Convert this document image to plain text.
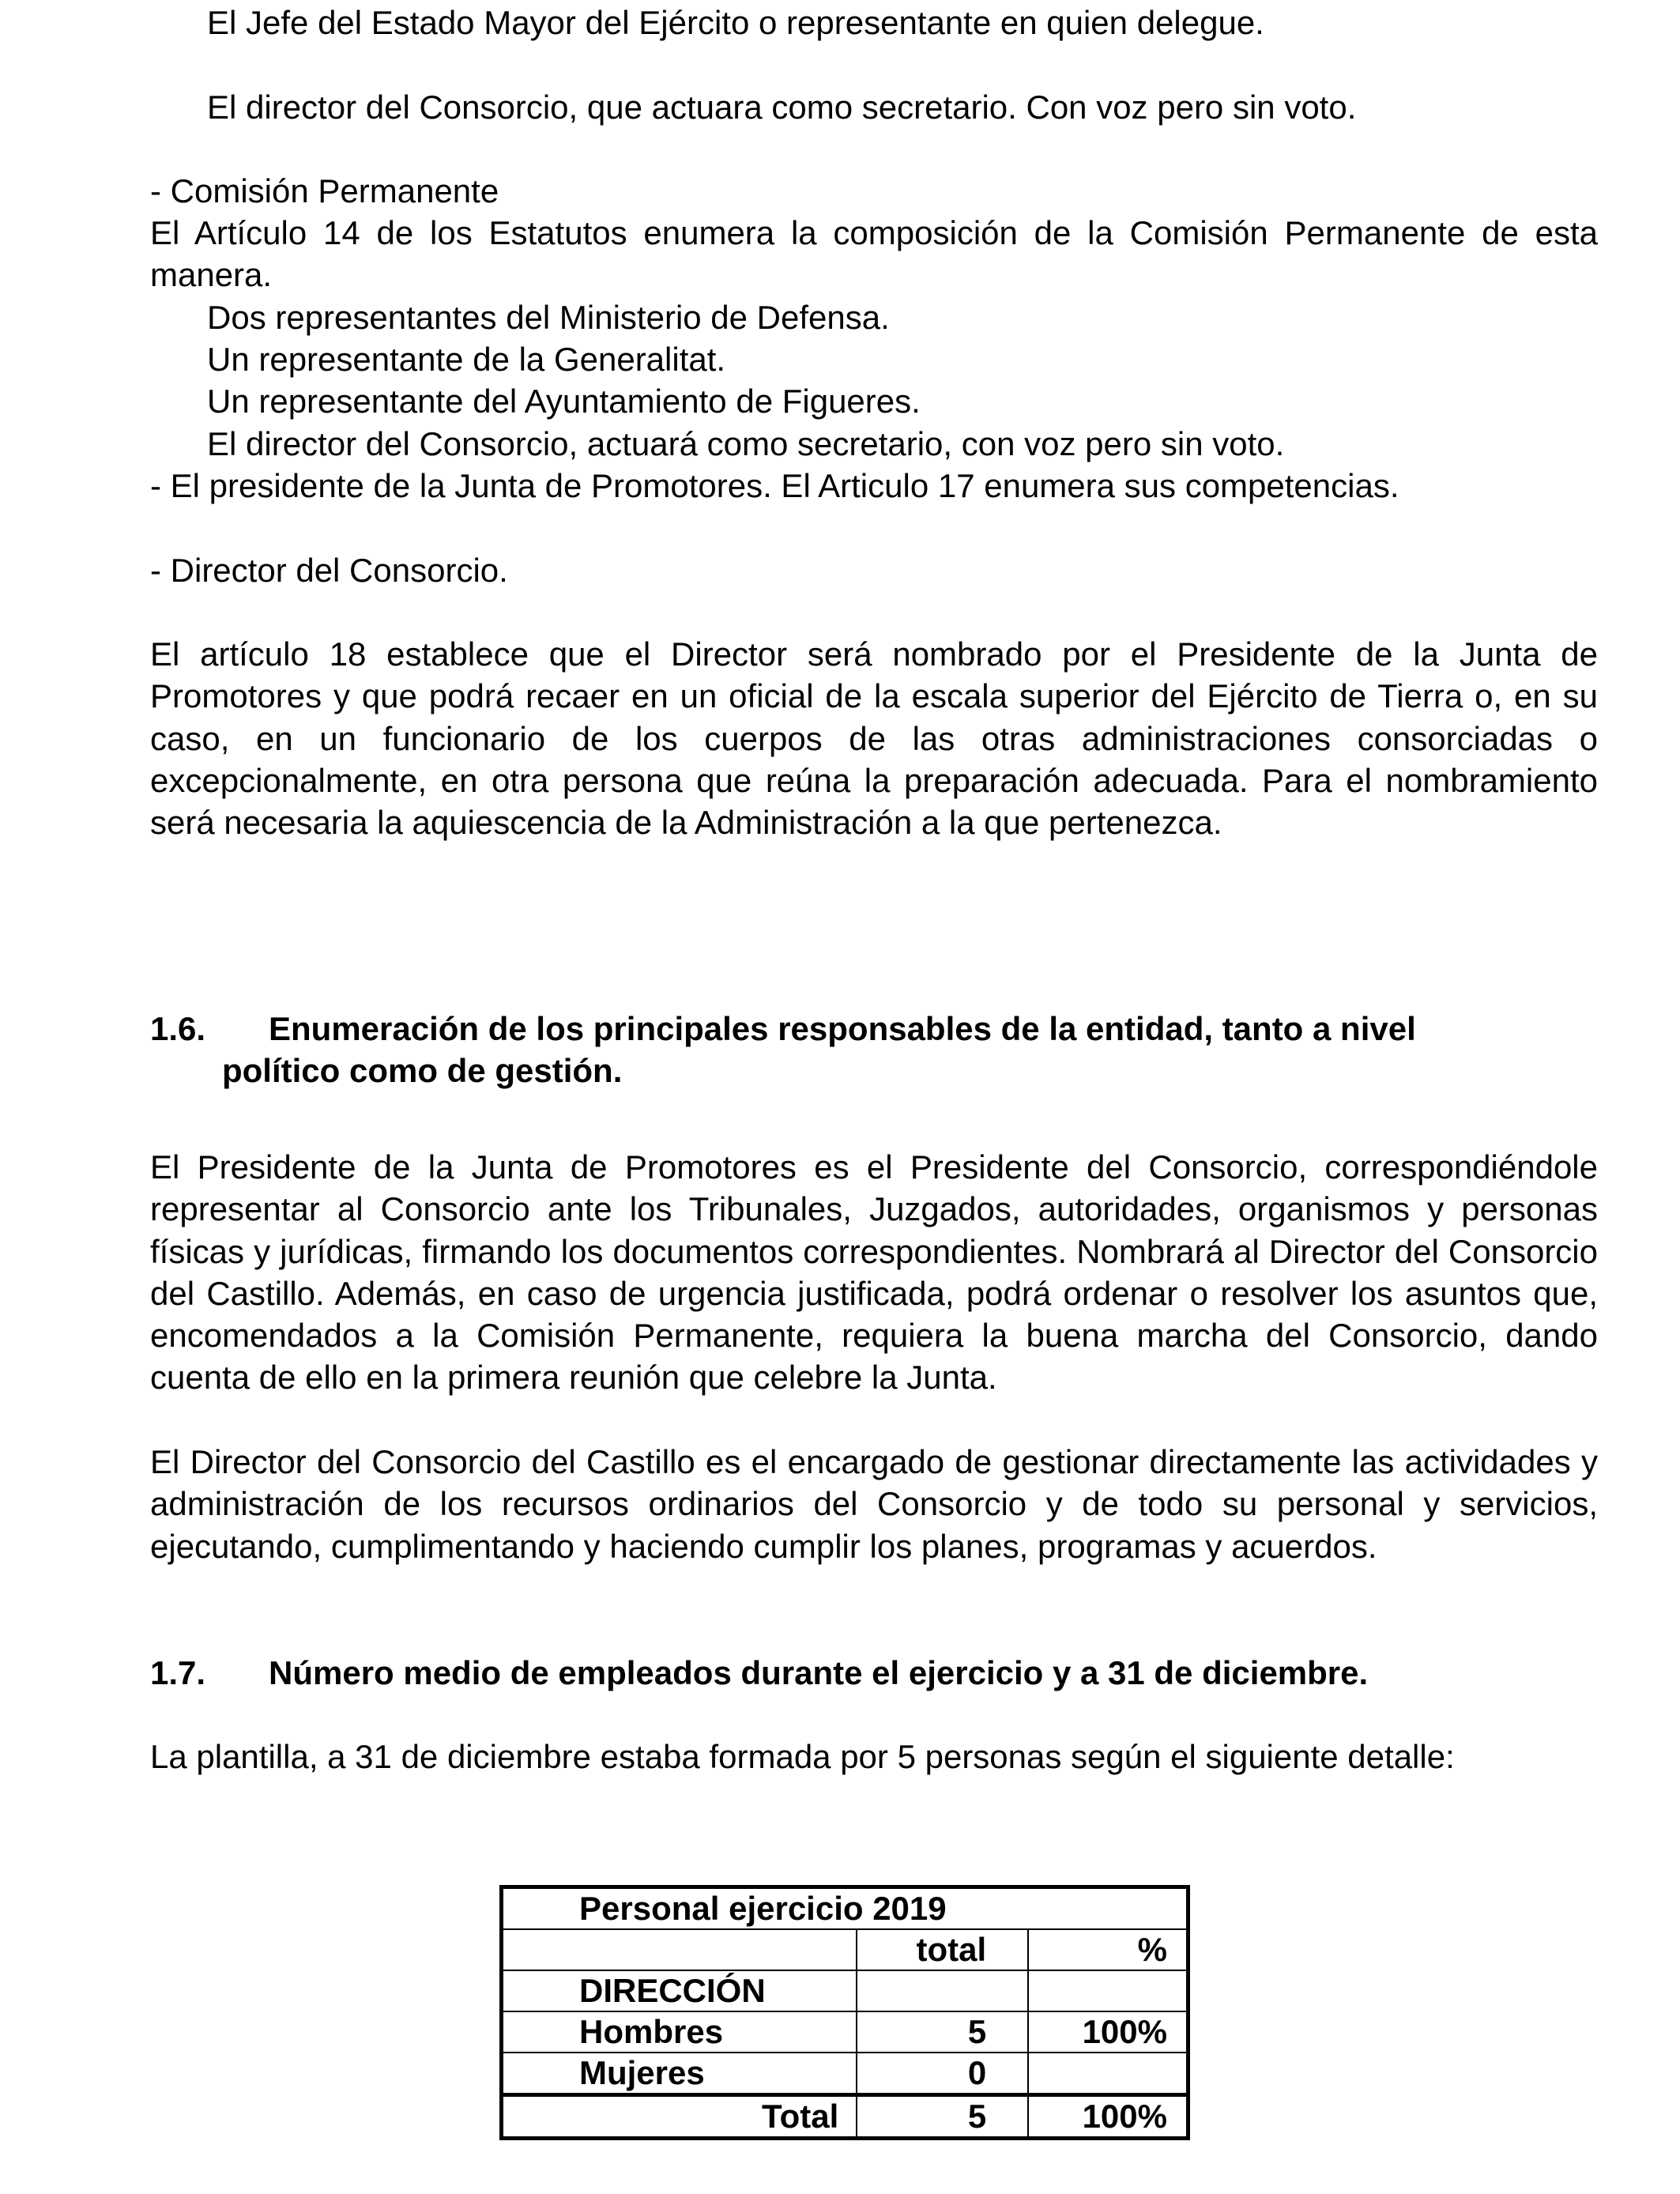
El Jefe del Estado Mayor del Ejército o representante en quien delegue.
El director del Consorcio, que actuara como secretario. Con voz pero sin voto.
- Comisión Permanente
El Artículo 14 de los Estatutos enumera la composición de la Comisión Permanente de esta manera.
Dos representantes del Ministerio de Defensa.
Un representante de la Generalitat.
Un representante del Ayuntamiento de Figueres.
El director del Consorcio, actuará como secretario, con voz pero sin voto.
- El presidente de la Junta de Promotores. El Articulo 17 enumera sus competencias.
- Director del Consorcio.
El artículo 18 establece que el Director será nombrado por el Presidente de la Junta de Promotores y que podrá recaer en un oficial de la escala superior del Ejército de Tierra o, en su caso, en un funcionario de los cuerpos de las otras administraciones consorciadas o excepcionalmente, en otra persona que reúna la preparación adecuada. Para el nombramiento será necesaria la aquiescencia de la Administración a la que pertenezca.
1.6. Enumeración de los principales responsables de la entidad, tanto a nivel
político como de gestión.
El Presidente de la Junta de Promotores es el Presidente del Consorcio, correspondiéndole representar al Consorcio ante los Tribunales, Juzgados, autoridades, organismos y personas físicas y jurídicas, firmando los documentos correspondientes. Nombrará al Director del Consorcio del Castillo. Además, en caso de urgencia justificada, podrá ordenar o resolver los asuntos que, encomendados a la Comisión Permanente, requiera la buena marcha del Consorcio, dando cuenta de ello en la primera reunión que celebre la Junta.
El Director del Consorcio del Castillo es el encargado de gestionar directamente las actividades y administración de los recursos ordinarios del Consorcio y de todo su personal y servicios, ejecutando, cumplimentando y haciendo cumplir los planes, programas y acuerdos.
1.7. Número medio de empleados durante el ejercicio y a 31 de diciembre.
La plantilla, a 31 de diciembre estaba formada por 5 personas según el siguiente detalle:
Personal ejercicio 2019		
	total	%
DIRECCIÓN		
Hombres	5	100%
Mujeres	0	
Total	5	100%
